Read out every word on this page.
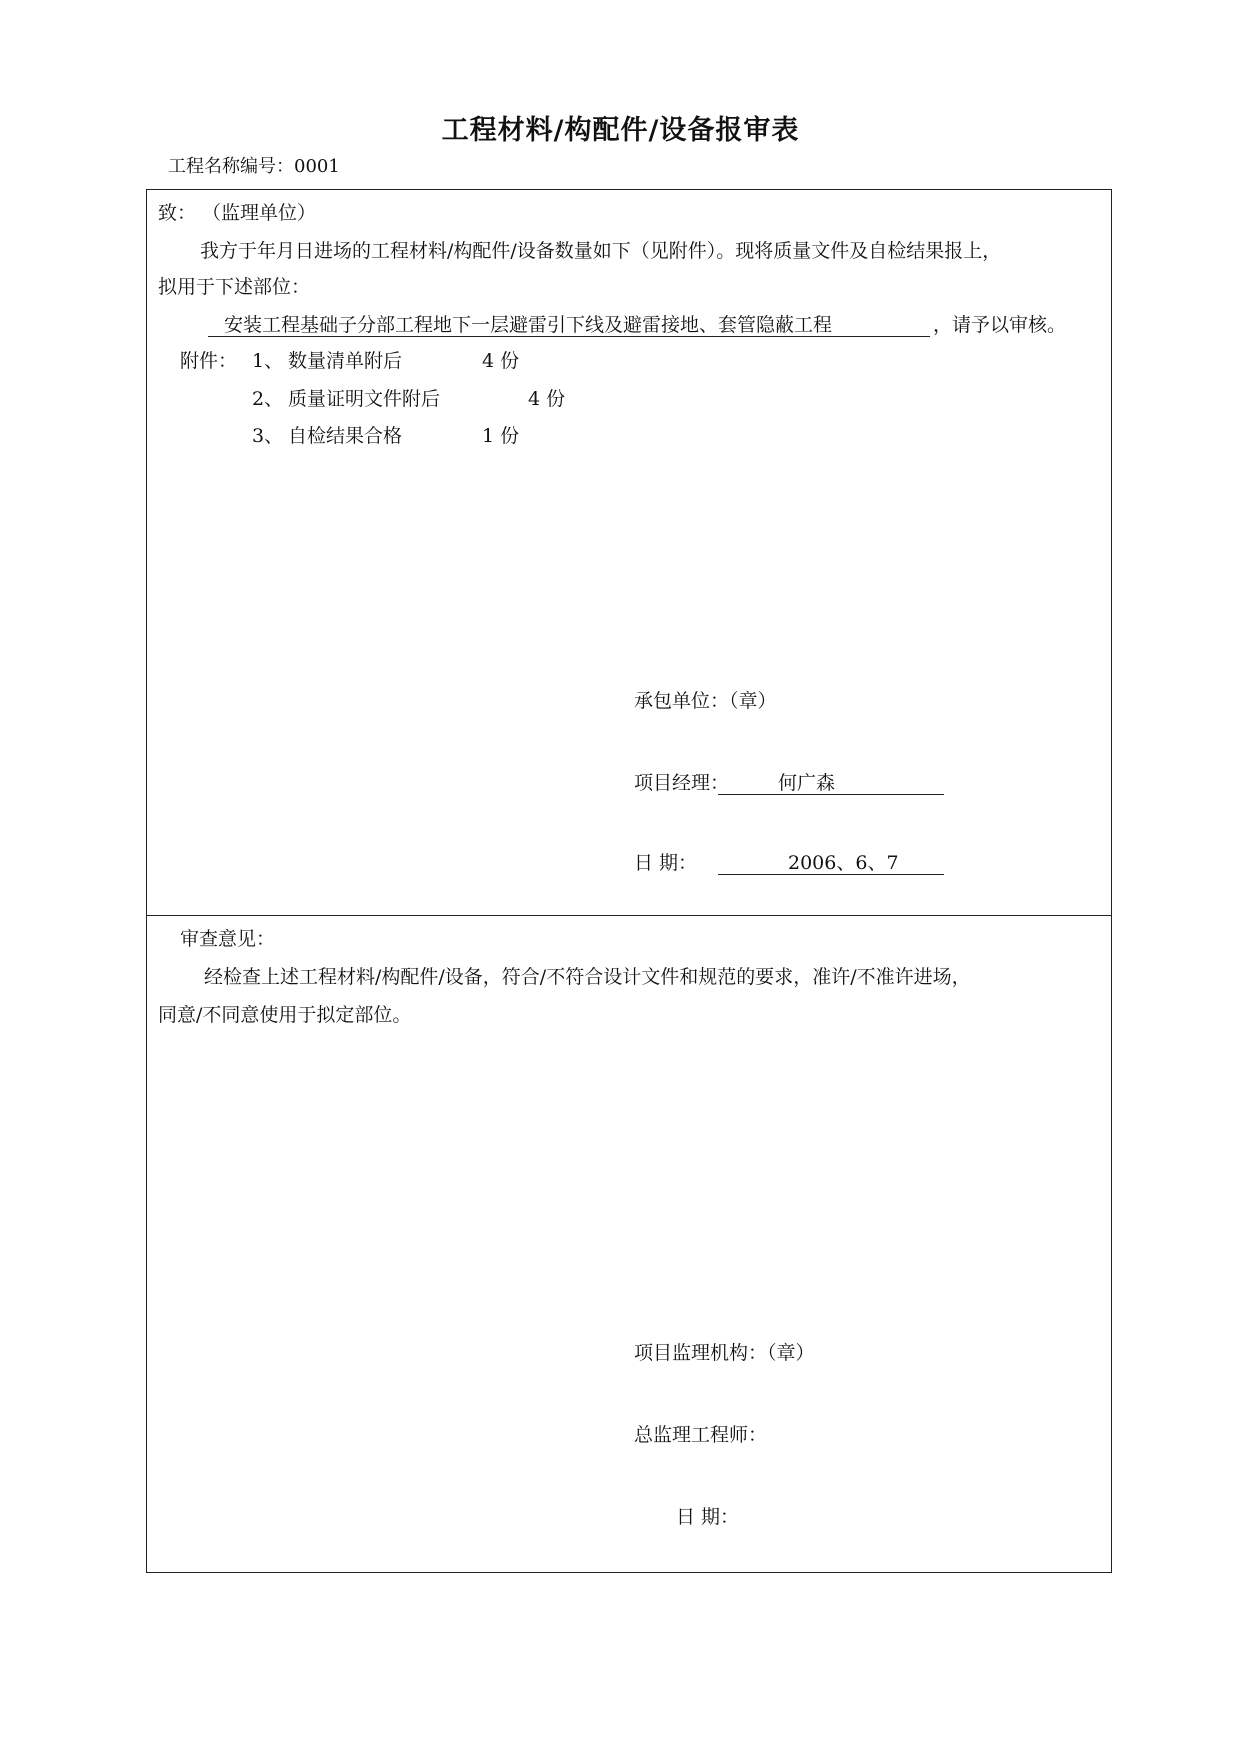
工程材料/构配件/设备报审表
工程名称编号：0001
致： （监理单位）
我方于年月日进场的工程材料/构配件/设备数量如下（见附件）。现将质量文件及自检结果报上，
拟用于下述部位：
安装工程基础子分部工程地下一层避雷引下线及避雷接地、套管隐蔽工程	，请予以审核。
附件： 1、 数量清单附后	4 份
2、 质量证明文件附后	4 份
3、 自检结果合格	1 份
承包单位：（章）
项目经理：	何广森
日 期：	2006、6、7
审查意见：
经检查上述工程材料/构配件/设备，符合/不符合设计文件和规范的要求，准许/不准许进场，
同意/不同意使用于拟定部位。
项目监理机构：（章）
总监理工程师：
日 期：
